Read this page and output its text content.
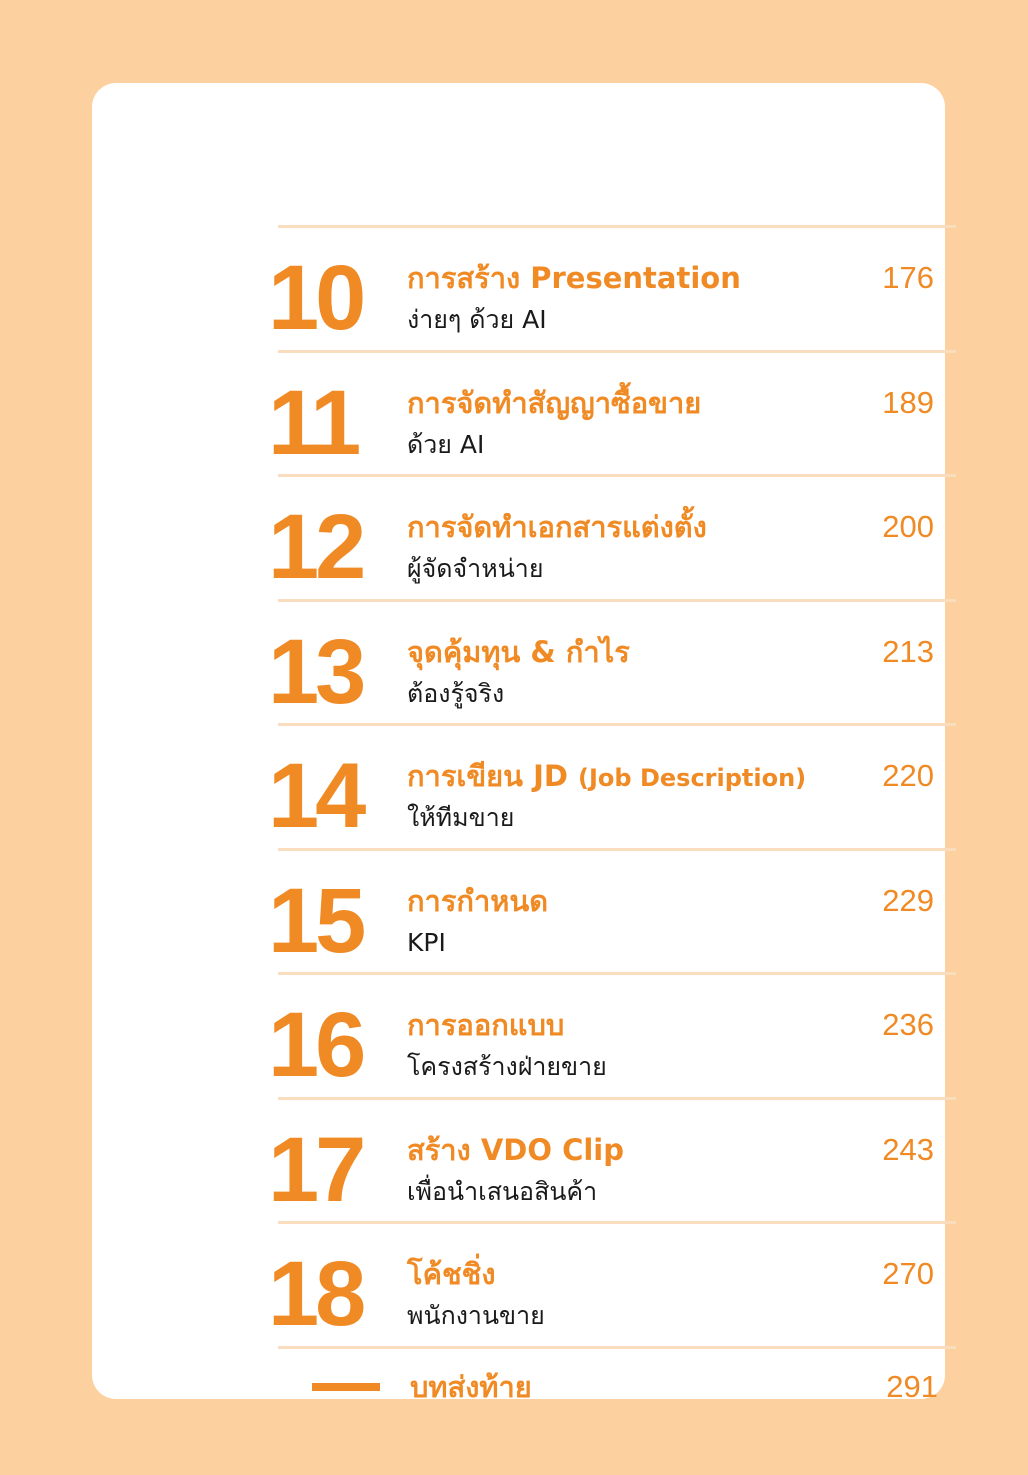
10 การสร้าง Presentation
ง่ายๆ ด้วย AI
176
11 การจัดทำสัญญาซื้อขาย
ด้วย AI
189
12 การจัดทำเอกสารแต่งตั้ง
ผู้จัดจำหน่าย
200
13 จุดคุ้มทุน & กำไร
ต้องรู้จริง
213
14 การเขียน JD (Job Description)
ให้ทีมขาย
220
15 การกำหนด
KPI
229
16 การออกแบบ
โครงสร้างฝ่ายขาย
236
17 สร้าง VDO Clip
เพื่อนำเสนอสินค้า
243
18 โค้ชชิ่ง
พนักงานขาย
270
บทส่งท้าย	291
